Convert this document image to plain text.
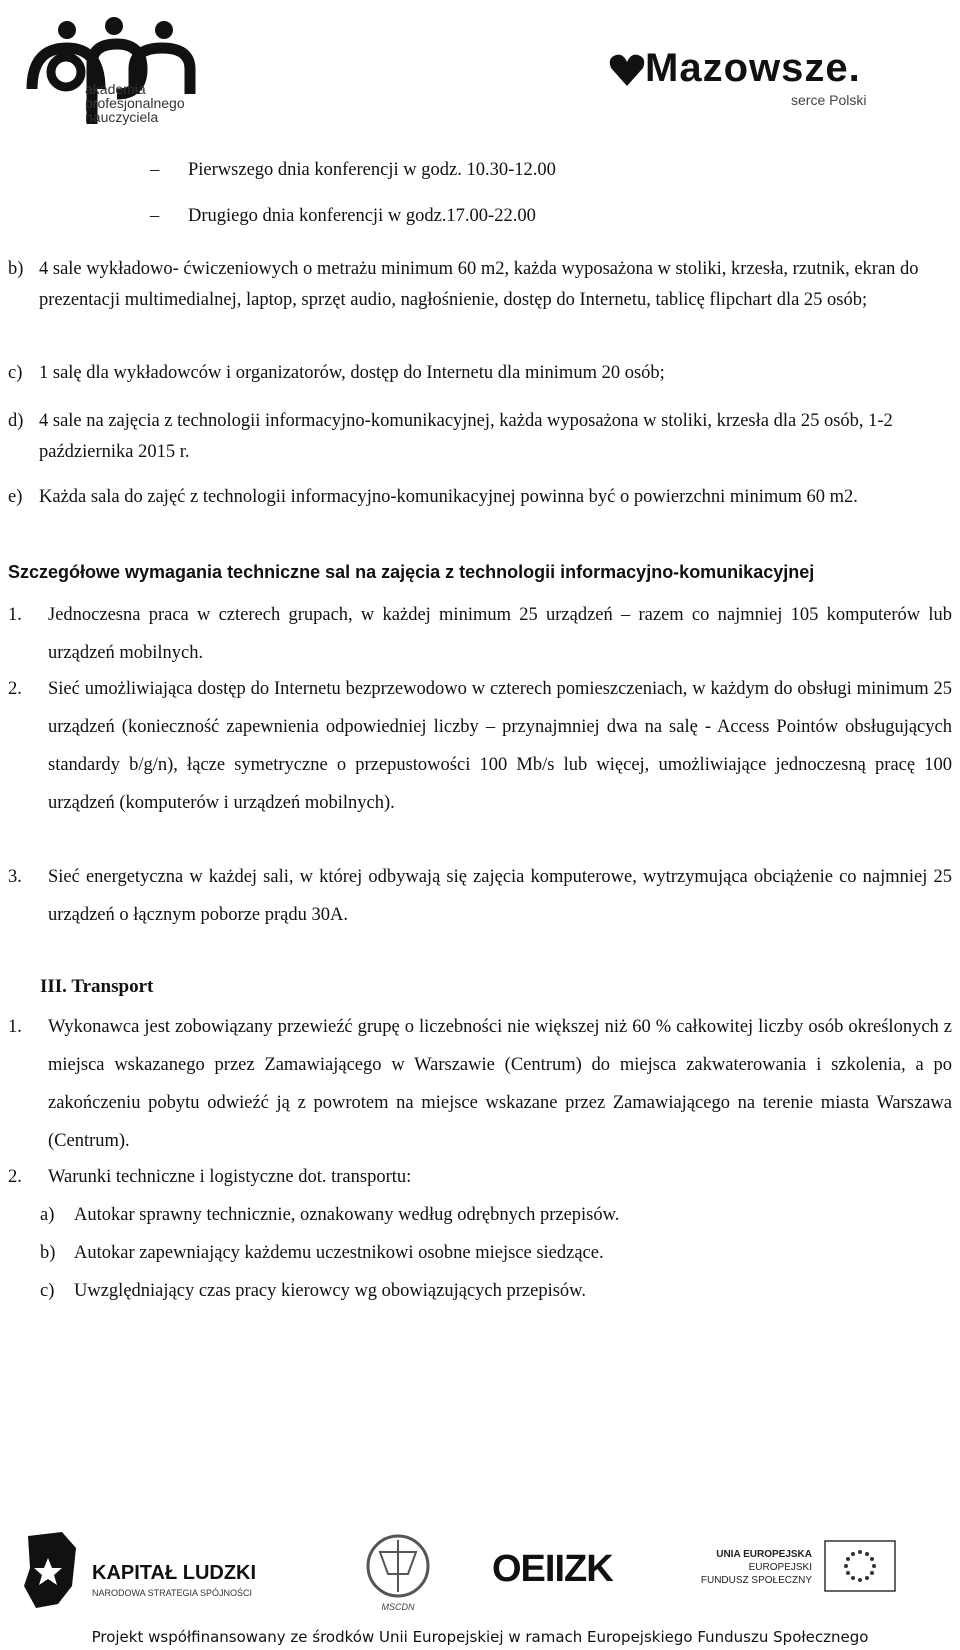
akademia
profesjonalnego
nauczyciela
Mazowsze.
serce Polski
– Pierwszego dnia konferencji w godz. 10.30-12.00
– Drugiego dnia konferencji w godz.17.00-22.00
b) 4 sale wykładowo- ćwiczeniowych o metrażu minimum 60 m2, każda wyposażona w stoliki, krzesła, rzutnik, ekran do prezentacji multimedialnej, laptop, sprzęt audio, nagłośnienie, dostęp do Internetu, tablicę flipchart dla 25 osób;
c) 1 salę dla wykładowców i organizatorów, dostęp do Internetu dla minimum 20 osób;
d) 4 sale na zajęcia z technologii informacyjno-komunikacyjnej, każda wyposażona w stoliki, krzesła dla 25 osób, 1-2 października 2015 r.
e) Każda sala do zajęć z technologii informacyjno-komunikacyjnej powinna być o powierzchni minimum 60 m2.
Szczegółowe wymagania techniczne sal na zajęcia z technologii informacyjno-komunikacyjnej
1. Jednoczesna praca w czterech grupach, w każdej minimum 25 urządzeń – razem co najmniej 105 komputerów lub urządzeń mobilnych.
2. Sieć umożliwiająca dostęp do Internetu bezprzewodowo w czterech pomieszczeniach, w każdym do obsługi minimum 25 urządzeń (konieczność zapewnienia odpowiedniej liczby – przynajmniej dwa na salę - Access Pointów obsługujących standardy b/g/n), łącze symetryczne o przepustowości 100 Mb/s lub więcej, umożliwiające jednoczesną pracę 100 urządzeń (komputerów i urządzeń mobilnych).
3. Sieć energetyczna w każdej sali, w której odbywają się zajęcia komputerowe, wytrzymująca obciążenie co najmniej 25 urządzeń o łącznym poborze prądu 30A.
III. Transport
1. Wykonawca jest zobowiązany przewieźć grupę o liczebności nie większej niż 60 % całkowitej liczby osób określonych z miejsca wskazanego przez Zamawiającego w Warszawie (Centrum) do miejsca zakwaterowania i szkolenia, a po zakończeniu pobytu odwieźć ją z powrotem na miejsce wskazane przez Zamawiającego na terenie miasta Warszawa (Centrum).
2. Warunki techniczne i logistyczne dot. transportu:
a) Autokar sprawny technicznie, oznakowany według odrębnych przepisów.
b) Autokar zapewniający każdemu uczestnikowi osobne miejsce siedzące.
c) Uwzględniający czas pracy kierowcy wg obowiązujących przepisów.
KAPITAŁ LUDZKI
NARODOWA STRATEGIA SPÓJNOŚCI
MSCDN
OEIIZK	UNIA EUROPEJSKA
EUROPEJSKI
FUNDUSZ SPOŁECZNY
Projekt współfinansowany ze środków Unii Europejskiej w ramach Europejskiego Funduszu Społecznego
